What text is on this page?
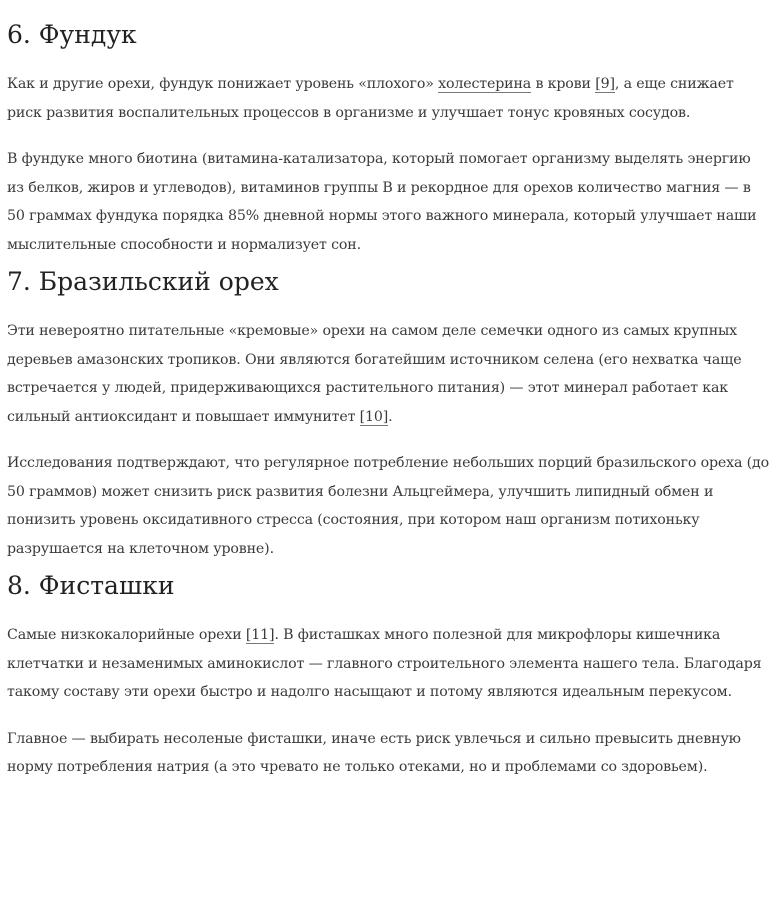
6. Фундук

Как и другие орехи, фундук понижает уровень «плохого» холестерина в крови [9], а еще снижает риск развития воспалительных процессов в организме и улучшает тонус кровяных сосудов.

В фундуке много биотина (витамина-катализатора, который помогает организму выделять энергию из белков, жиров и углеводов), витаминов группы В и рекордное для орехов количество магния — в 50 граммах фундука порядка 85% дневной нормы этого важного минерала, который улучшает наши мыслительные способности и нормализует сон.

7. Бразильский орех

Эти невероятно питательные «кремовые» орехи на самом деле семечки одного из самых крупных деревьев амазонских тропиков. Они являются богатейшим источником селена (его нехватка чаще встречается у людей, придерживающихся растительного питания) — этот минерал работает как сильный антиоксидант и повышает иммунитет [10].

Исследования подтверждают, что регулярное потребление небольших порций бразильского ореха (до 50 граммов) может снизить риск развития болезни Альцгеймера, улучшить липидный обмен и понизить уровень оксидативного стресса (состояния, при котором наш организм потихоньку разрушается на клеточном уровне).

8. Фисташки

Самые низкокалорийные орехи [11]. В фисташках много полезной для микрофлоры кишечника клетчатки и незаменимых аминокислот — главного строительного элемента нашего тела. Благодаря такому составу эти орехи быстро и надолго насыщают и потому являются идеальным перекусом.

Главное — выбирать несоленые фисташки, иначе есть риск увлечься и сильно превысить дневную норму потребления натрия (а это чревато не только отеками, но и проблемами со здоровьем).
